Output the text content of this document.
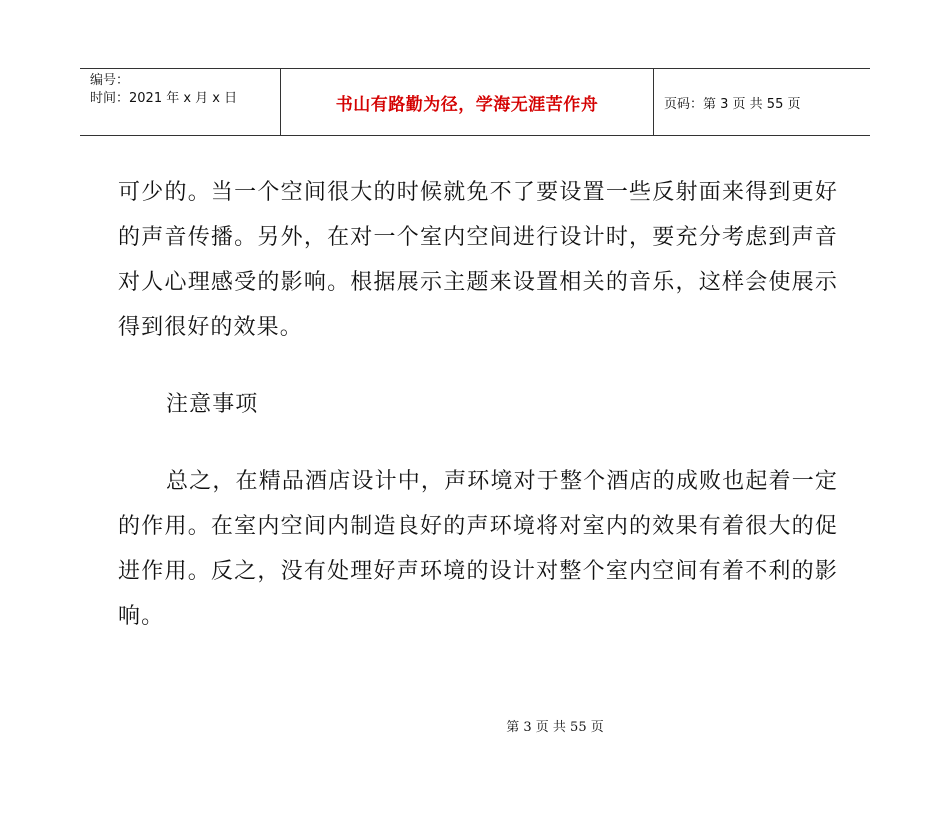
编号：
时间：2021 年 x 月 x 日	书山有路勤为径，学海无涯苦作舟	页码：第 3 页 共 55 页

可少的。当一个空间很大的时候就免不了要设置一些反射面来得到更好的声音传播。另外，在对一个室内空间进行设计时，要充分考虑到声音对人心理感受的影响。根据展示主题来设置相关的音乐，这样会使展示得到很好的效果。

注意事项

总之，在精品酒店设计中，声环境对于整个酒店的成败也起着一定的作用。在室内空间内制造良好的声环境将对室内的效果有着很大的促进作用。反之，没有处理好声环境的设计对整个室内空间有着不利的影响。

第 3 页 共 55 页
